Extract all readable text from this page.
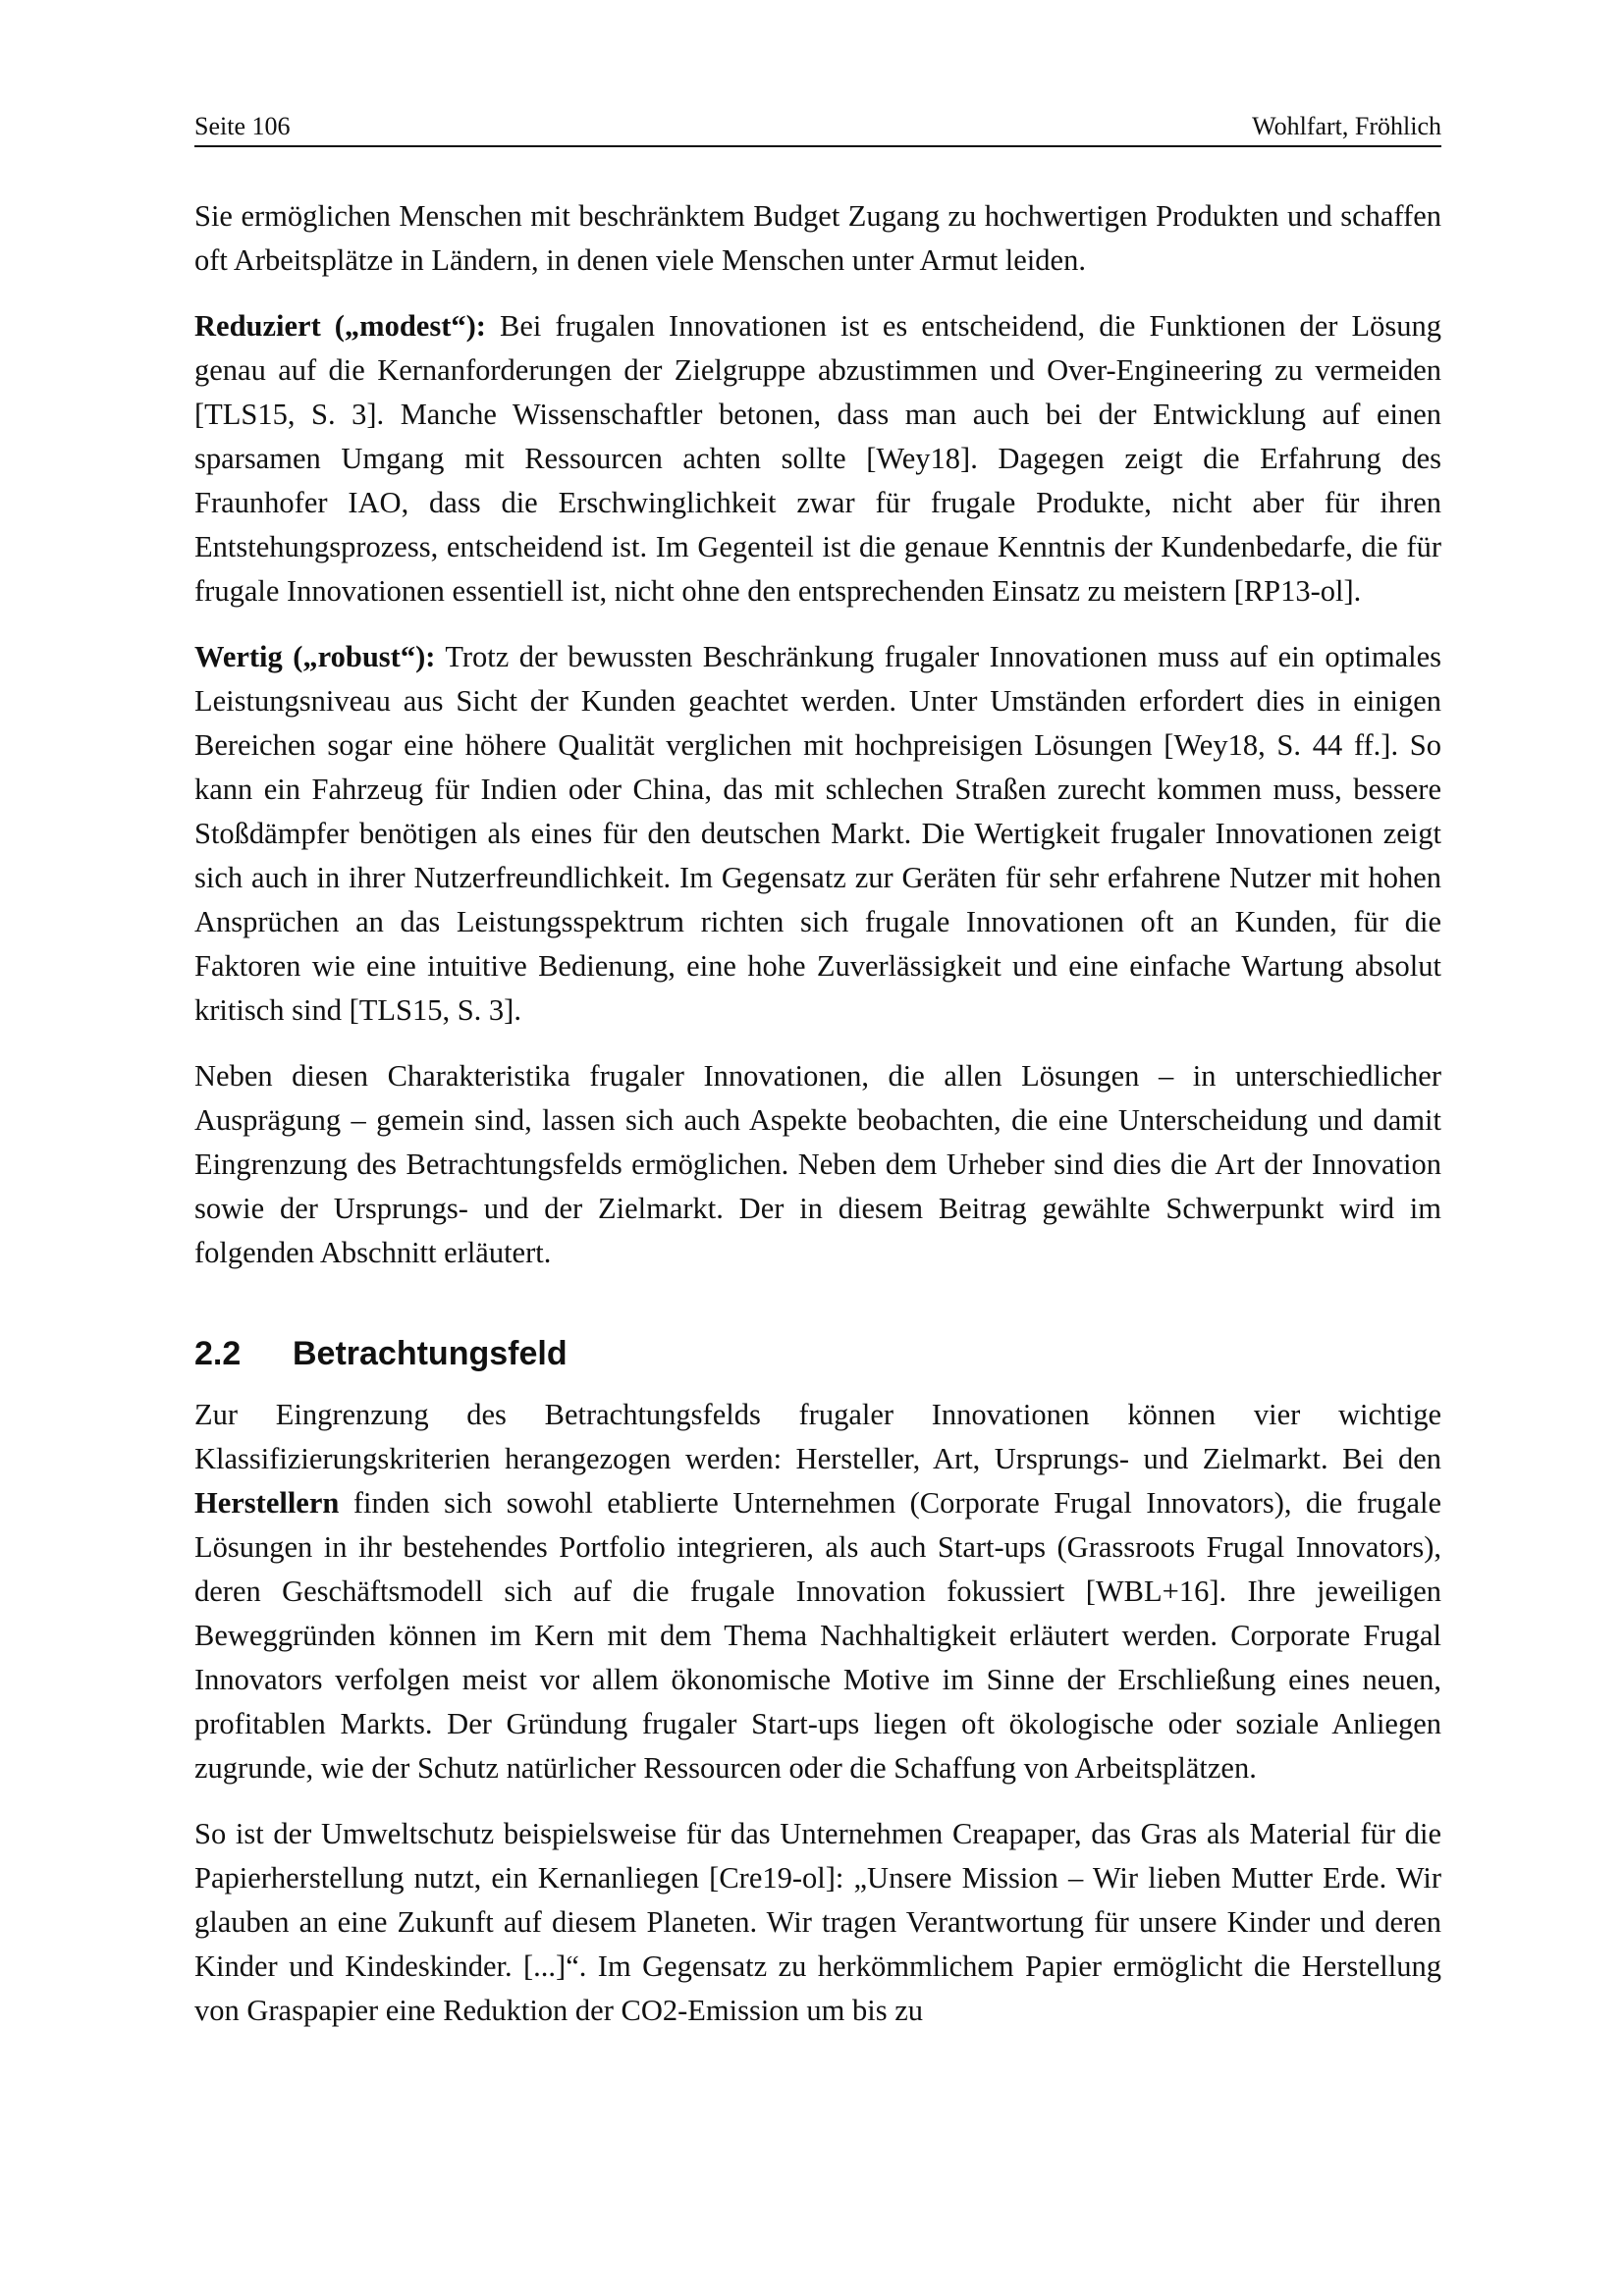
Seite 106	Wohlfart, Fröhlich

Sie ermöglichen Menschen mit beschränktem Budget Zugang zu hochwertigen Produkten und schaffen oft Arbeitsplätze in Ländern, in denen viele Menschen unter Armut leiden.

Reduziert („modest“): Bei frugalen Innovationen ist es entscheidend, die Funktionen der Lösung genau auf die Kernanforderungen der Zielgruppe abzustimmen und Over-Engineering zu vermeiden [TLS15, S. 3]. Manche Wissenschaftler betonen, dass man auch bei der Entwicklung auf einen sparsamen Umgang mit Ressourcen achten sollte [Wey18]. Dagegen zeigt die Erfahrung des Fraunhofer IAO, dass die Erschwinglichkeit zwar für frugale Produkte, nicht aber für ihren Entstehungsprozess, entscheidend ist. Im Gegenteil ist die genaue Kenntnis der Kundenbedarfe, die für frugale Innovationen essentiell ist, nicht ohne den entsprechenden Einsatz zu meistern [RP13-ol].

Wertig („robust“): Trotz der bewussten Beschränkung frugaler Innovationen muss auf ein optimales Leistungsniveau aus Sicht der Kunden geachtet werden. Unter Umständen erfordert dies in einigen Bereichen sogar eine höhere Qualität verglichen mit hochpreisigen Lösungen [Wey18, S. 44 ff.]. So kann ein Fahrzeug für Indien oder China, das mit schlechen Straßen zurecht kommen muss, bessere Stoßdämpfer benötigen als eines für den deutschen Markt. Die Wertigkeit frugaler Innovationen zeigt sich auch in ihrer Nutzerfreundlichkeit. Im Gegensatz zur Geräten für sehr erfahrene Nutzer mit hohen Ansprüchen an das Leistungsspektrum richten sich frugale Innovationen oft an Kunden, für die Faktoren wie eine intuitive Bedienung, eine hohe Zuverlässigkeit und eine einfache Wartung absolut kritisch sind [TLS15, S. 3].

Neben diesen Charakteristika frugaler Innovationen, die allen Lösungen – in unterschiedlicher Ausprägung – gemein sind, lassen sich auch Aspekte beobachten, die eine Unterscheidung und damit Eingrenzung des Betrachtungsfelds ermöglichen. Neben dem Urheber sind dies die Art der Innovation sowie der Ursprungs- und der Zielmarkt. Der in diesem Beitrag gewählte Schwerpunkt wird im folgenden Abschnitt erläutert.

2.2 Betrachtungsfeld

Zur Eingrenzung des Betrachtungsfelds frugaler Innovationen können vier wichtige Klassifizierungskriterien herangezogen werden: Hersteller, Art, Ursprungs- und Zielmarkt. Bei den Herstellern finden sich sowohl etablierte Unternehmen (Corporate Frugal Innovators), die frugale Lösungen in ihr bestehendes Portfolio integrieren, als auch Start-ups (Grassroots Frugal Innovators), deren Geschäftsmodell sich auf die frugale Innovation fokussiert [WBL+16]. Ihre jeweiligen Beweggründen können im Kern mit dem Thema Nachhaltigkeit erläutert werden. Corporate Frugal Innovators verfolgen meist vor allem ökonomische Motive im Sinne der Erschließung eines neuen, profitablen Markts. Der Gründung frugaler Start-ups liegen oft ökologische oder soziale Anliegen zugrunde, wie der Schutz natürlicher Ressourcen oder die Schaffung von Arbeitsplätzen.

So ist der Umweltschutz beispielsweise für das Unternehmen Creapaper, das Gras als Material für die Papierherstellung nutzt, ein Kernanliegen [Cre19-ol]: „Unsere Mission – Wir lieben Mutter Erde. Wir glauben an eine Zukunft auf diesem Planeten. Wir tragen Verantwortung für unsere Kinder und deren Kinder und Kindeskinder. [...]“. Im Gegensatz zu herkömmlichem Papier ermöglicht die Herstellung von Graspapier eine Reduktion der CO2-Emission um bis zu
